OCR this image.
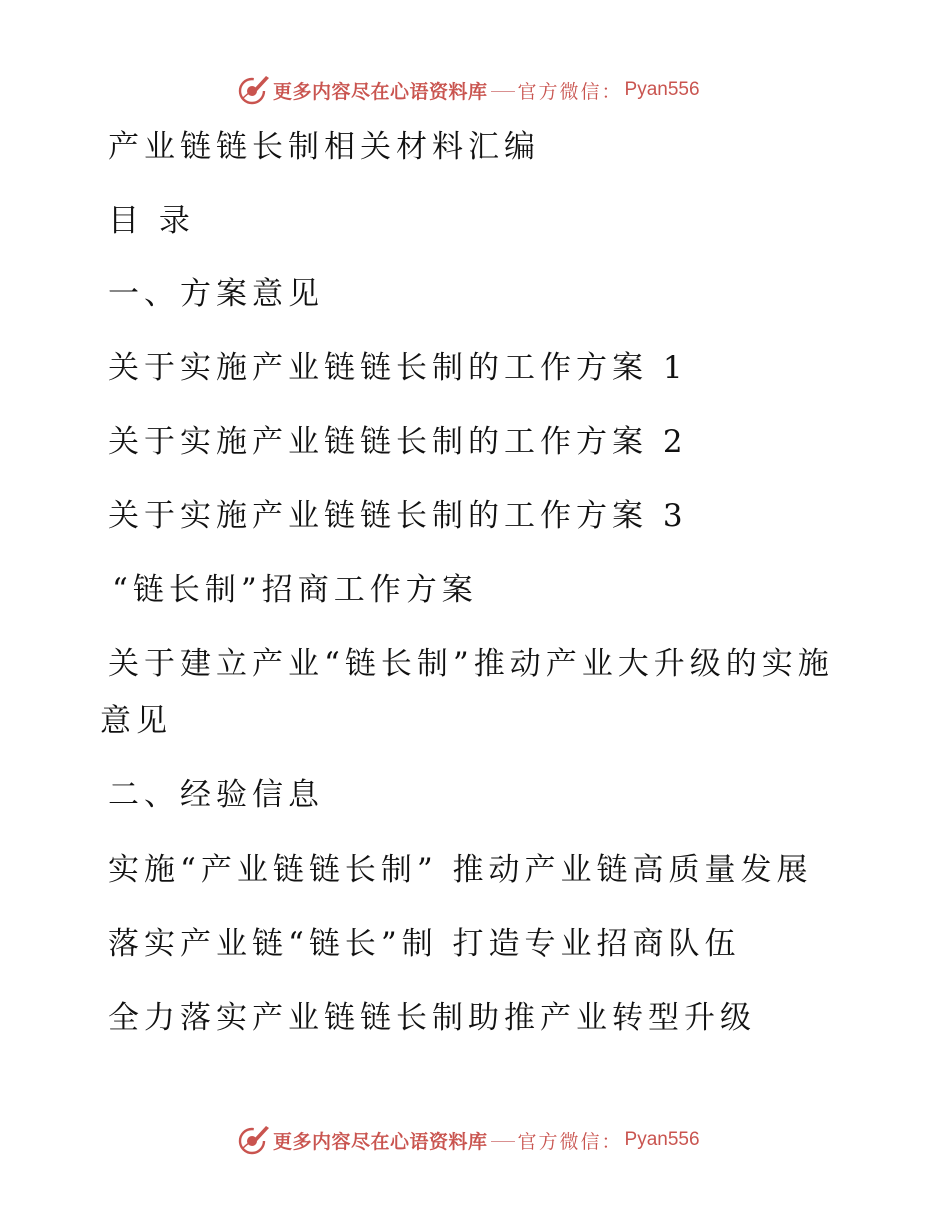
更多内容尽在心语资料库 官方微信： Pyan556
产业链链长制相关材料汇编
目 录
一、方案意见
关于实施产业链链长制的工作方案 1
关于实施产业链链长制的工作方案 2
关于实施产业链链长制的工作方案 3
“链长制”招商工作方案
关于建立产业“链长制”推动产业大升级的实施
意见
二、经验信息
实施“产业链链长制” 推动产业链高质量发展
落实产业链“链长”制 打造专业招商队伍
全力落实产业链链长制助推产业转型升级
更多内容尽在心语资料库 官方微信： Pyan556
